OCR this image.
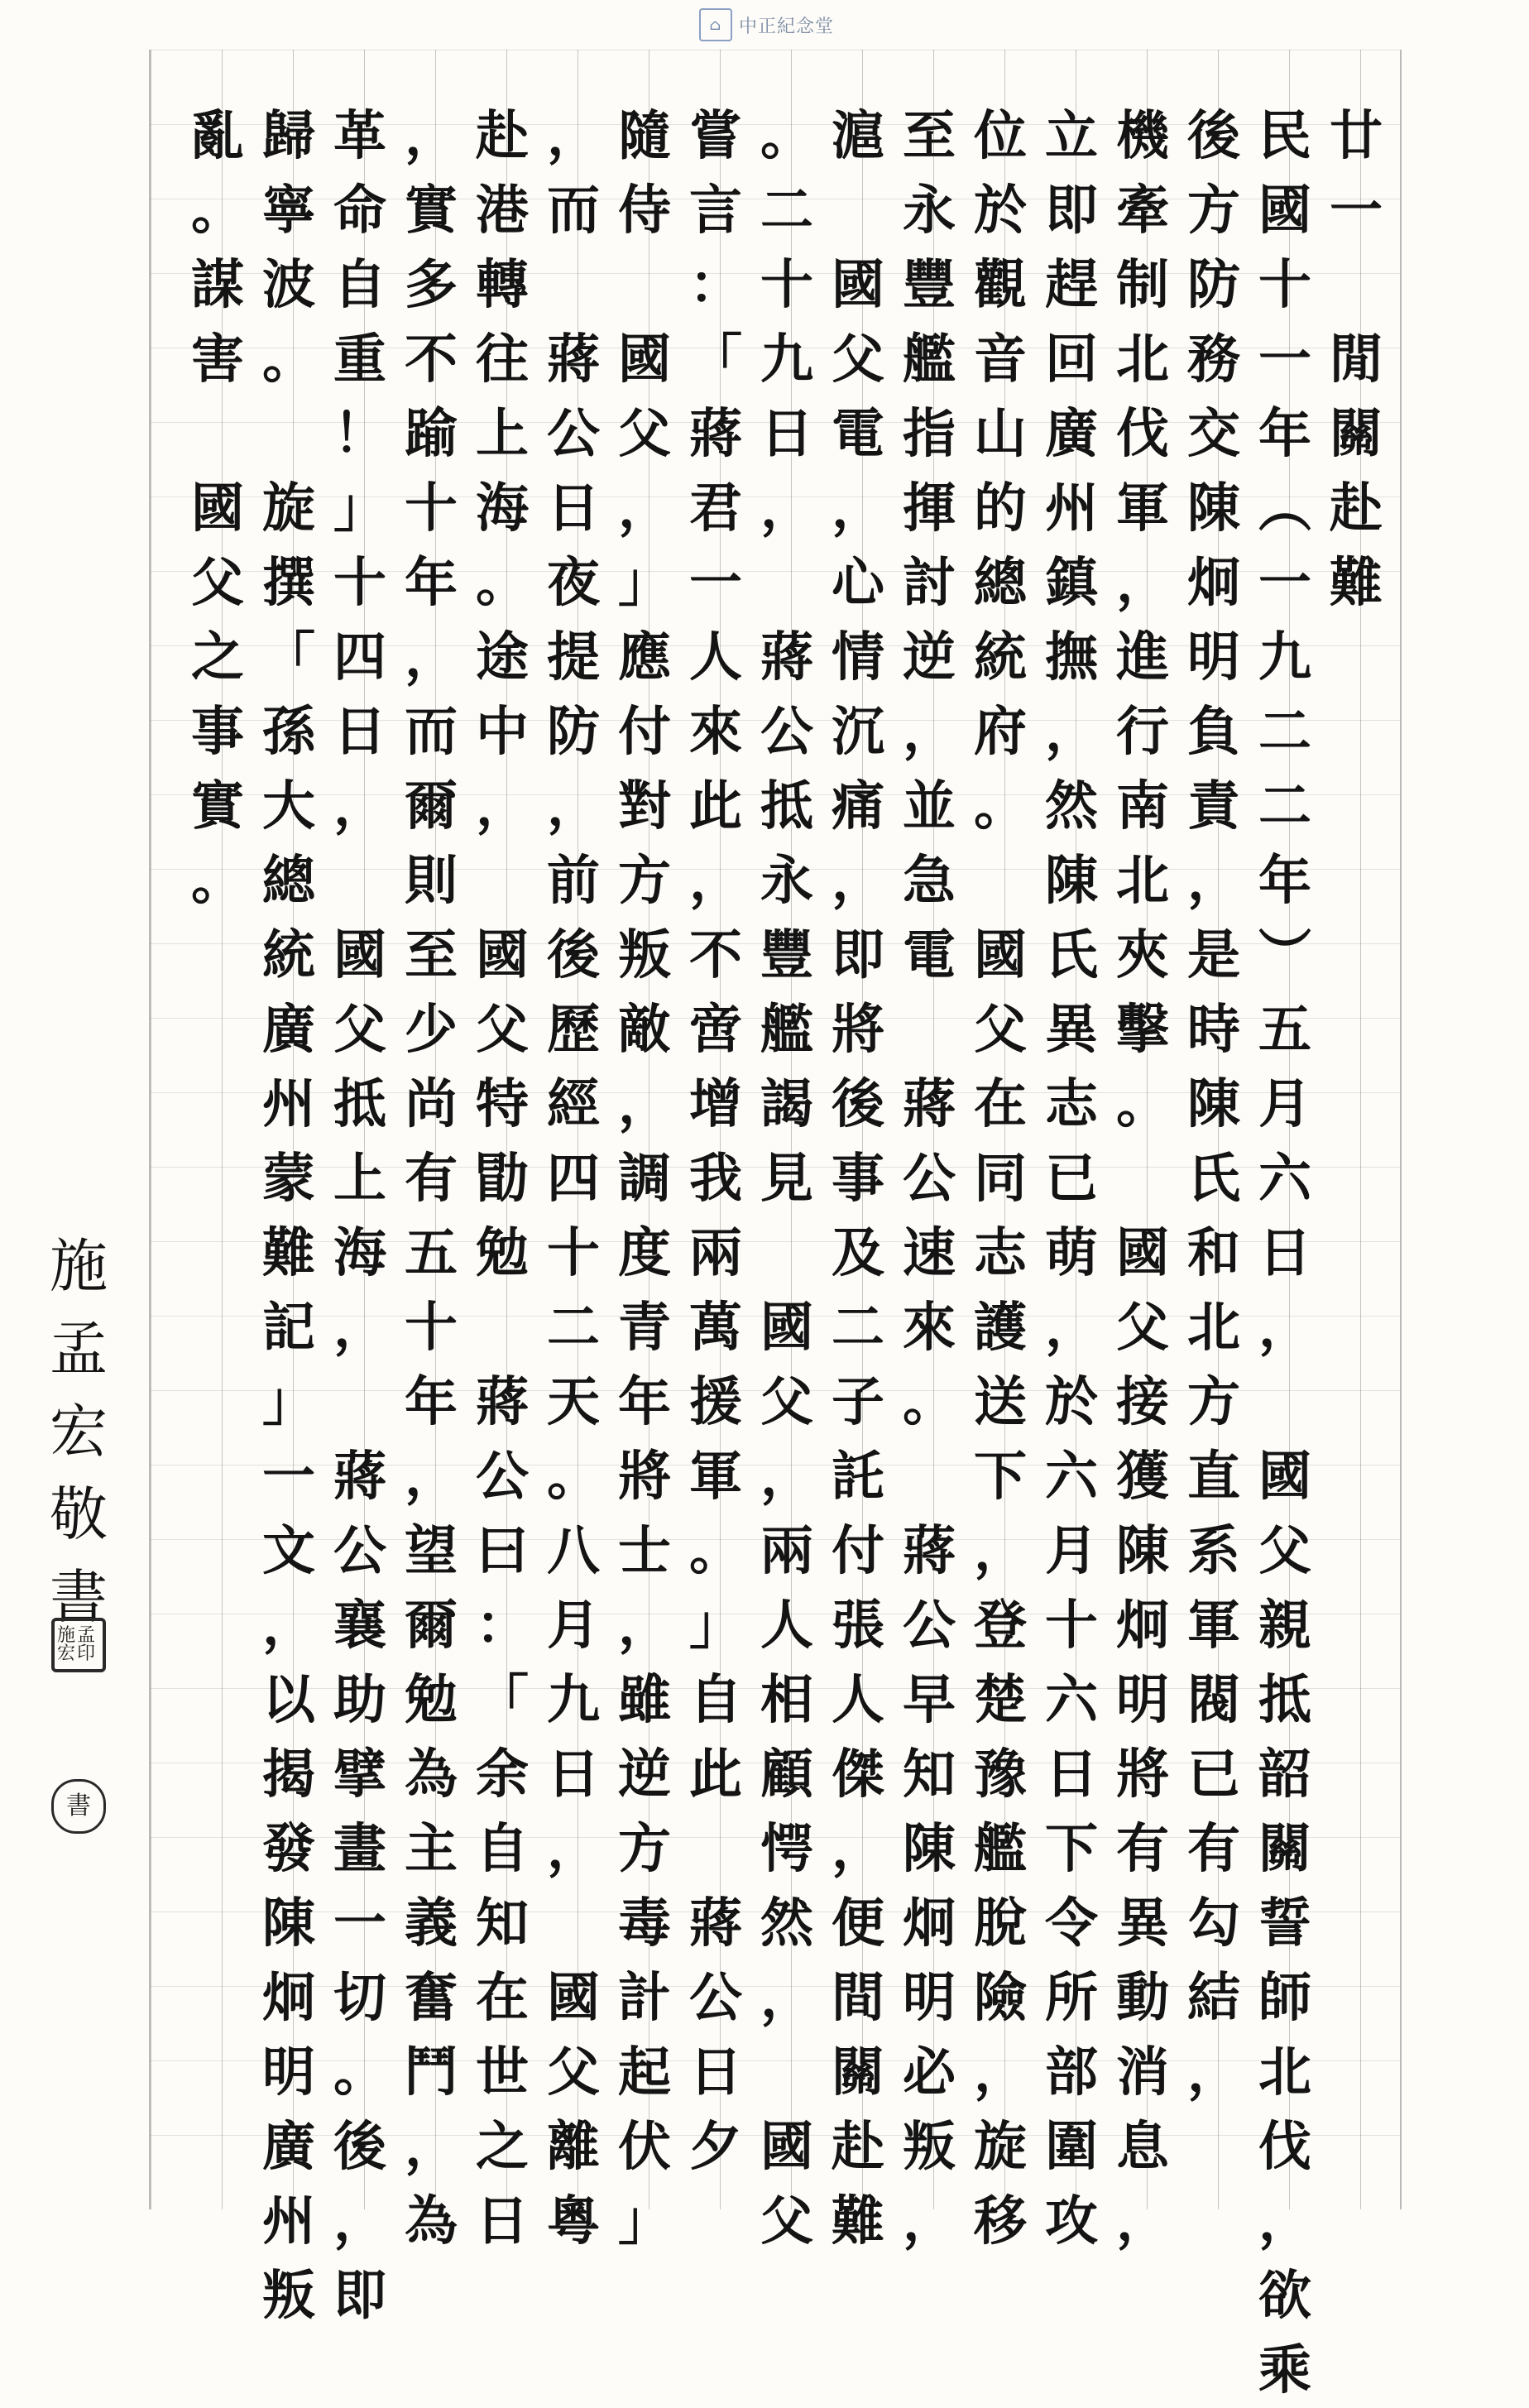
⌂ 中正紀念堂
廿
一

閒
關
赴
難
民
國
十
一
年
︵
一
九
二
二
年
︶
五
月
六
日
，

國
父
親
抵
韶
關
誓
師
北
伐
，
欲
乘
後
方
防
務
交
陳
炯
明
負
責
，
是
時
陳
氏
和
北
方
直
系
軍
閥
已
有
勾
結
，
機
牽
制
北
伐
軍
，
進
行
南
北
夾
擊
。

國
父
接
獲
陳
炯
明
將
有
異
動
消
息
，
立
即
趕
回
廣
州
鎮
撫
，
然
陳
氏
異
志
已
萌
，
於
六
月
十
六
日
下
令
所
部
圍
攻
位
於
觀
音
山
的
總
統
府
。

國
父
在
同
志
護
送
下
，
登
楚
豫
艦
脫
險
，
旋
移
至
永
豐
艦
指
揮
討
逆
，
並
急
電

蔣
公
速
來
。

蔣
公
早
知
陳
炯
明
必
叛
，
滬

國
父
電
，
心
情
沉
痛
，
即
將
後
事
及
二
子
託
付
張
人
傑
，
便
間
關
赴
難
。
二
十
九
日
，

蔣
公
抵
永
豐
艦
謁
見

國
父
，
兩
人
相
顧
愕
然
，

國
父
嘗
言
：
「
蔣
君
一
人
來
此
，
不
啻
增
我
兩
萬
援
軍
。
」
自
此

蔣
公
日
夕
隨
侍

國
父
，
」
應
付
對
方
叛
敵
，
調
度
青
年
將
士
，
雖
逆
方
毒
計
起
伏
」
，
而

蔣
公
日
夜
提
防
，
前
後
歷
經
四
十
二
天
。
八
月
九
日
，

國
父
離
粵
赴
港
轉
往
上
海
。
途
中
，

國
父
特
勖
勉

蔣
公
曰
：
「
余
自
知
在
世
之
日
，
實
多
不
踰
十
年
，
而
爾
則
至
少
尚
有
五
十
年
，
望
爾
勉
為
主
義
奮
鬥
，
為
革
命
自
重
！
」
十
四
日
，

國
父
抵
上
海
，

蔣
公
襄
助
擘
畫
一
切
。
後
，
即
歸
寧
波
。

旋
撰
「
孫
大
總
統
廣
州
蒙
難
記
」
一
文
，
以
揭
發
陳
炯
明
廣
州
叛
亂
。
謀
害

國
父
之
事
實
。
施
孟
宏
敬
書
施孟宏印
書
